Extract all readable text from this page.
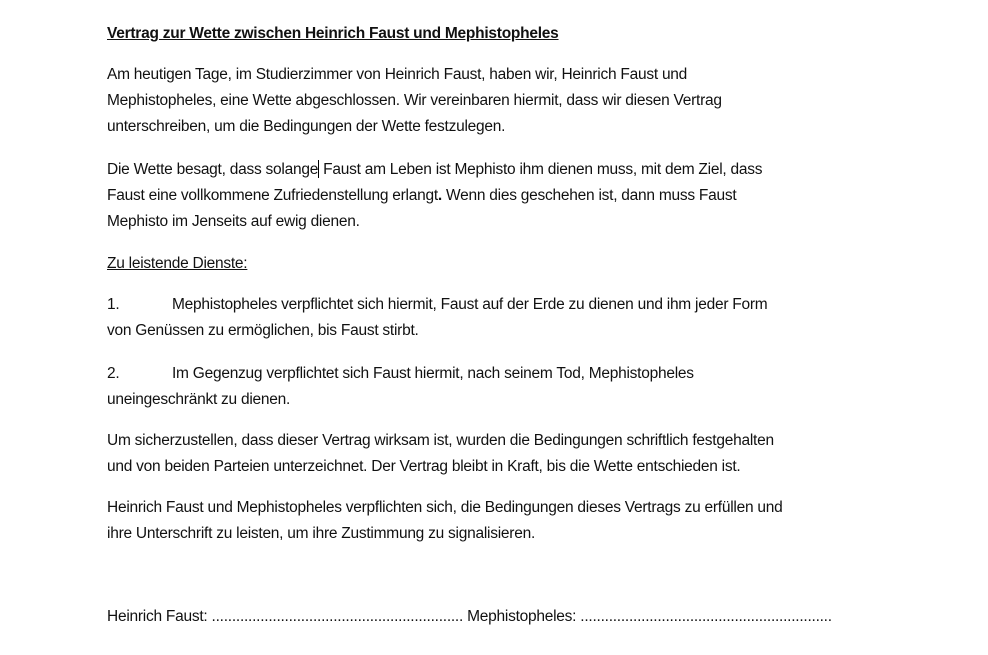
Vertrag zur Wette zwischen Heinrich Faust und Mephistopheles
Am heutigen Tage, im Studierzimmer von Heinrich Faust, haben wir, Heinrich Faust und
Mephistopheles, eine Wette abgeschlossen. Wir vereinbaren hiermit, dass wir diesen Vertrag
unterschreiben, um die Bedingungen der Wette festzulegen.
Die Wette besagt, dass solange Faust am Leben ist Mephisto ihm dienen muss, mit dem Ziel, dass
Faust eine vollkommene Zufriedenstellung erlangt. Wenn dies geschehen ist, dann muss Faust
Mephisto im Jenseits auf ewig dienen.
Zu leistende Dienste:
1.	Mephistopheles verpflichtet sich hiermit, Faust auf der Erde zu dienen und ihm jeder Form
von Genüssen zu ermöglichen, bis Faust stirbt.
2.	Im Gegenzug verpflichtet sich Faust hiermit, nach seinem Tod, Mephistopheles
uneingeschränkt zu dienen.
Um sicherzustellen, dass dieser Vertrag wirksam ist, wurden die Bedingungen schriftlich festgehalten
und von beiden Parteien unterzeichnet. Der Vertrag bleibt in Kraft, bis die Wette entschieden ist.
Heinrich Faust und Mephistopheles verpflichten sich, die Bedingungen dieses Vertrags zu erfüllen und
ihre Unterschrift zu leisten, um ihre Zustimmung zu signalisieren.
Heinrich Faust: .............................................................. Mephistopheles: ..............................................................
